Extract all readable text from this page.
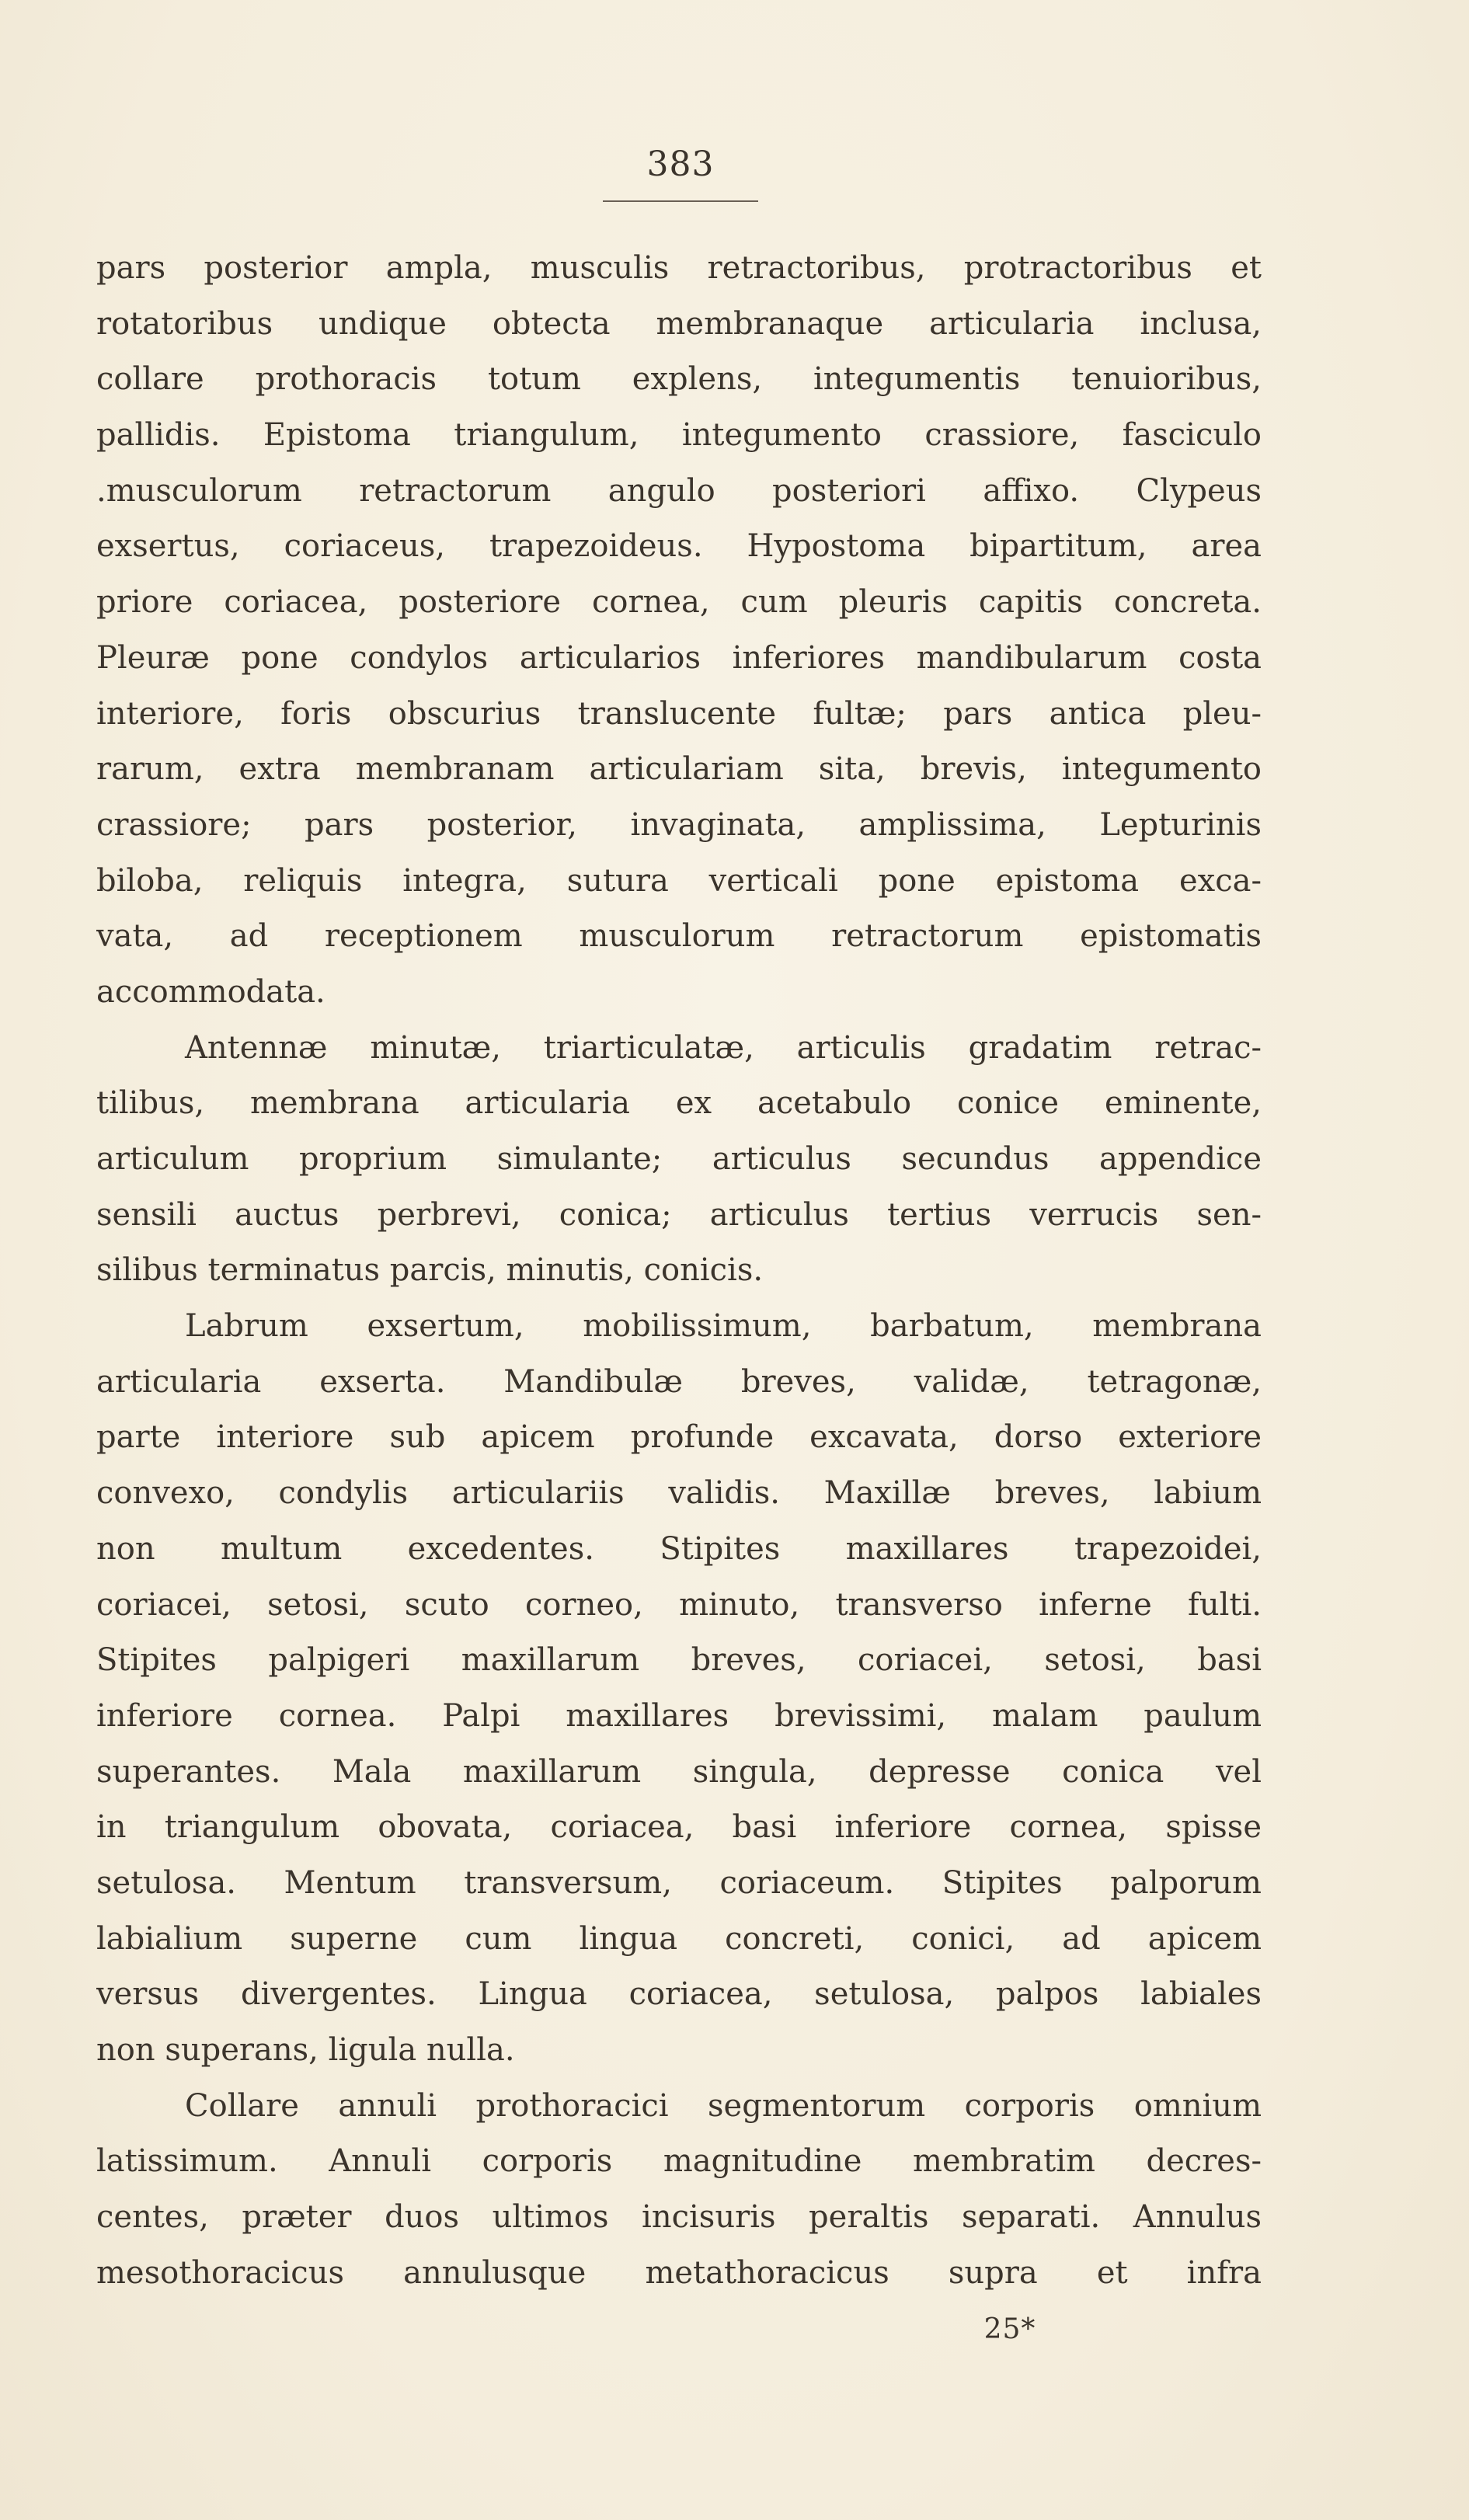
383
pars posterior ampla, musculis retractoribus, protractoribus et
rotatoribus undique obtecta membranaque articularia inclusa,
collare prothoracis totum explens, integumentis tenuioribus,
pallidis. Epistoma triangulum, integumento crassiore, fasciculo
.musculorum retractorum angulo posteriori affixo. Clypeus
exsertus, coriaceus, trapezoideus. Hypostoma bipartitum, area
priore coriacea, posteriore cornea, cum pleuris capitis concreta.
Pleuræ pone condylos articularios inferiores mandibularum costa
interiore, foris obscurius translucente fultæ; pars antica pleu-
rarum, extra membranam articulariam sita, brevis, integumento
crassiore; pars posterior, invaginata, amplissima, Lepturinis
biloba, reliquis integra, sutura verticali pone epistoma exca-
vata, ad receptionem musculorum retractorum epistomatis
accommodata.
Antennæ minutæ, triarticulatæ, articulis gradatim retrac-
tilibus, membrana articularia ex acetabulo conice eminente,
articulum proprium simulante; articulus secundus appendice
sensili auctus perbrevi, conica; articulus tertius verrucis sen-
silibus terminatus parcis, minutis, conicis.
Labrum exsertum, mobilissimum, barbatum, membrana
articularia exserta. Mandibulæ breves, validæ, tetragonæ,
parte interiore sub apicem profunde excavata, dorso exteriore
convexo, condylis articulariis validis. Maxillæ breves, labium
non multum excedentes. Stipites maxillares trapezoidei,
coriacei, setosi, scuto corneo, minuto, transverso inferne fulti.
Stipites palpigeri maxillarum breves, coriacei, setosi, basi
inferiore cornea. Palpi maxillares brevissimi, malam paulum
superantes. Mala maxillarum singula, depresse conica vel
in triangulum obovata, coriacea, basi inferiore cornea, spisse
setulosa. Mentum transversum, coriaceum. Stipites palporum
labialium superne cum lingua concreti, conici, ad apicem
versus divergentes. Lingua coriacea, setulosa, palpos labiales
non superans, ligula nulla.
Collare annuli prothoracici segmentorum corporis omnium
latissimum. Annuli corporis magnitudine membratim decres-
centes, præter duos ultimos incisuris peraltis separati. Annulus
mesothoracicus annulusque metathoracicus supra et infra
25*
